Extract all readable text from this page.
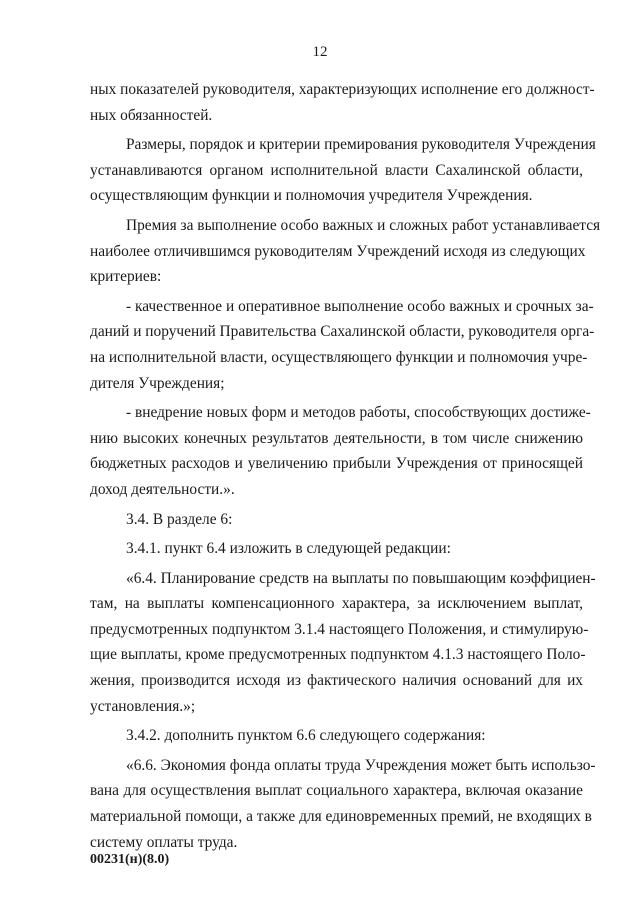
12
ных показателей руководителя, характеризующих исполнение его должност-
ных обязанностей.
Размеры, порядок и критерии премирования руководителя Учреждения
устанавливаются органом исполнительной власти Сахалинской области,
осуществляющим функции и полномочия учредителя Учреждения.
Премия за выполнение особо важных и сложных работ устанавливается
наиболее отличившимся руководителям Учреждений исходя из следующих
критериев:
- качественное и оперативное выполнение особо важных и срочных за-
даний и поручений Правительства Сахалинской области, руководителя орга-
на исполнительной власти, осуществляющего функции и полномочия учре-
дителя Учреждения;
- внедрение новых форм и методов работы, способствующих достиже-
нию высоких конечных результатов деятельности, в том числе снижению
бюджетных расходов и увеличению прибыли Учреждения от приносящей
доход деятельности.».
3.4. В разделе 6:
3.4.1. пункт 6.4 изложить в следующей редакции:
«6.4. Планирование средств на выплаты по повышающим коэффициен-
там, на выплаты компенсационного характера, за исключением выплат,
предусмотренных подпунктом 3.1.4 настоящего Положения, и стимулирую-
щие выплаты, кроме предусмотренных подпунктом 4.1.3 настоящего Поло-
жения, производится исходя из фактического наличия оснований для их
установления.»;
3.4.2. дополнить пунктом 6.6 следующего содержания:
«6.6. Экономия фонда оплаты труда Учреждения может быть использо-
вана для осуществления выплат социального характера, включая оказание
материальной помощи, а также для единовременных премий, не входящих в
систему оплаты труда.
00231(н)(8.0)
